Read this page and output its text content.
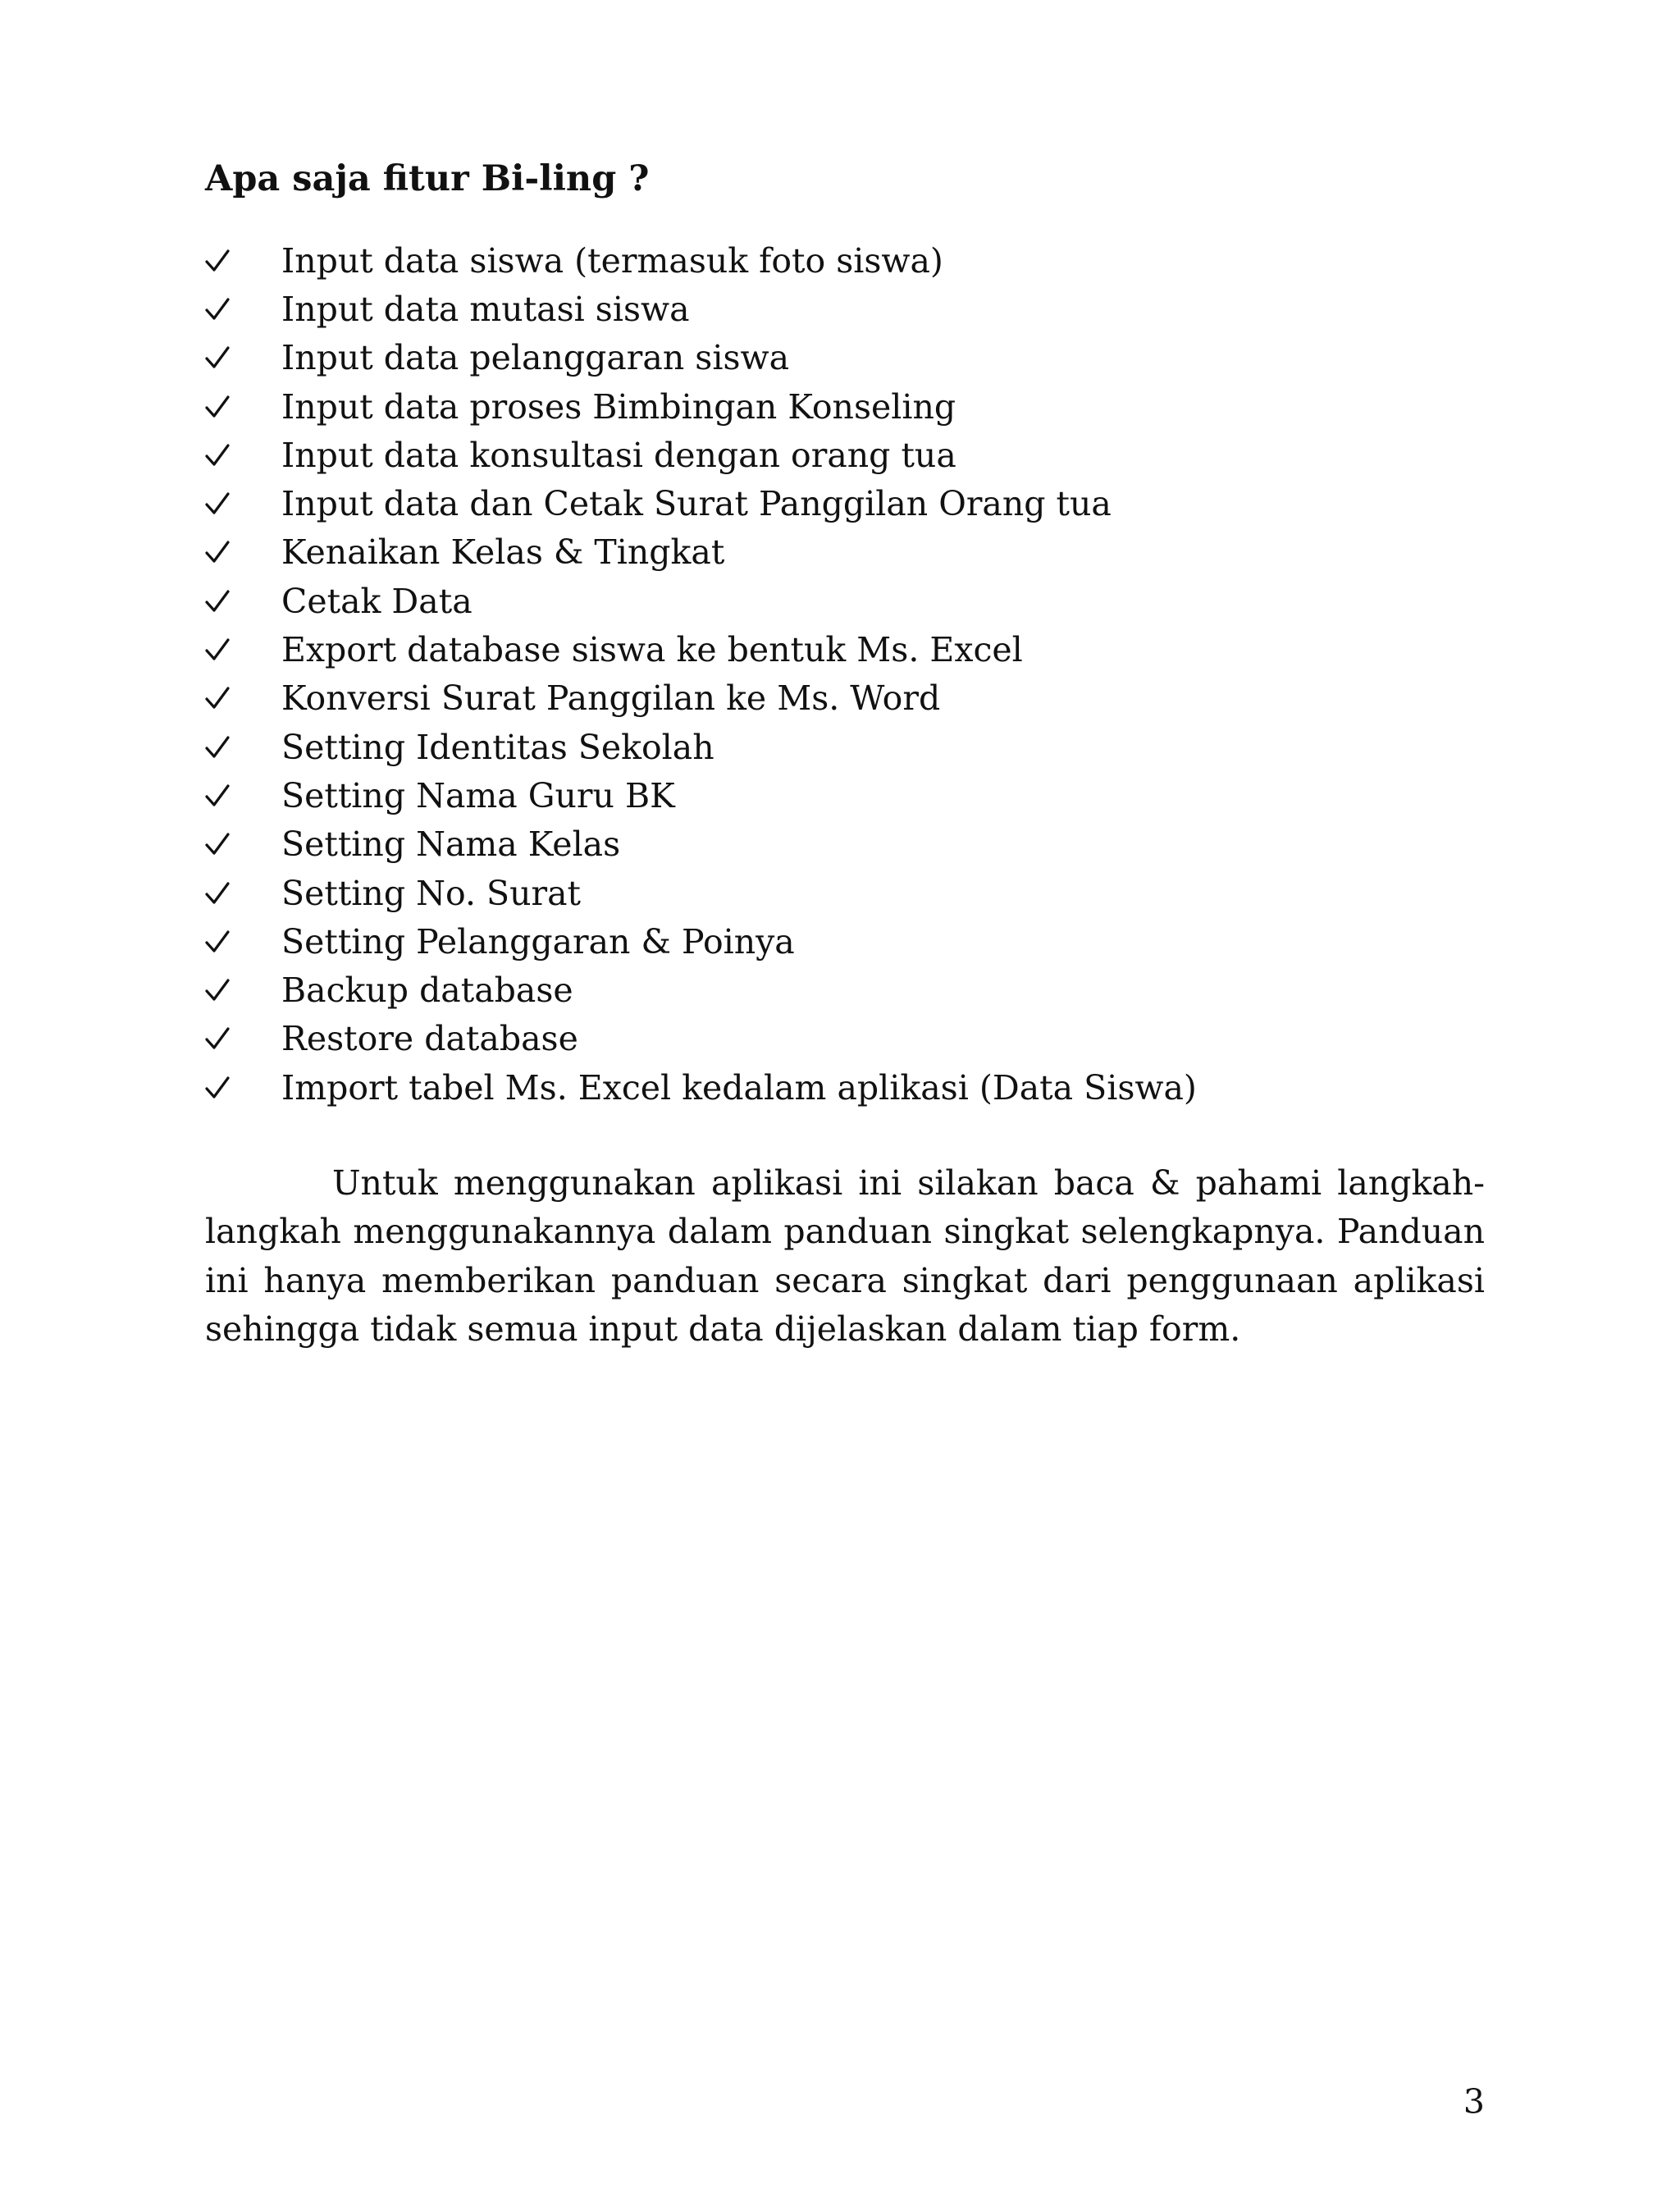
Apa saja fitur Bi-ling ?
Input data siswa (termasuk foto siswa)
Input data mutasi siswa
Input data pelanggaran siswa
Input data proses Bimbingan Konseling
Input data konsultasi dengan orang tua
Input data dan Cetak Surat Panggilan Orang tua
Kenaikan Kelas & Tingkat
Cetak Data
Export database siswa ke bentuk Ms. Excel
Konversi Surat Panggilan ke Ms. Word
Setting Identitas Sekolah
Setting Nama Guru BK
Setting Nama Kelas
Setting No. Surat
Setting Pelanggaran & Poinya
Backup database
Restore database
Import tabel Ms. Excel kedalam aplikasi (Data Siswa)

Untuk menggunakan aplikasi ini silakan baca & pahami langkah-langkah menggunakannya dalam panduan singkat selengkapnya. Panduan ini hanya memberikan panduan secara singkat dari penggunaan aplikasi sehingga tidak semua input data dijelaskan dalam tiap form.

3
